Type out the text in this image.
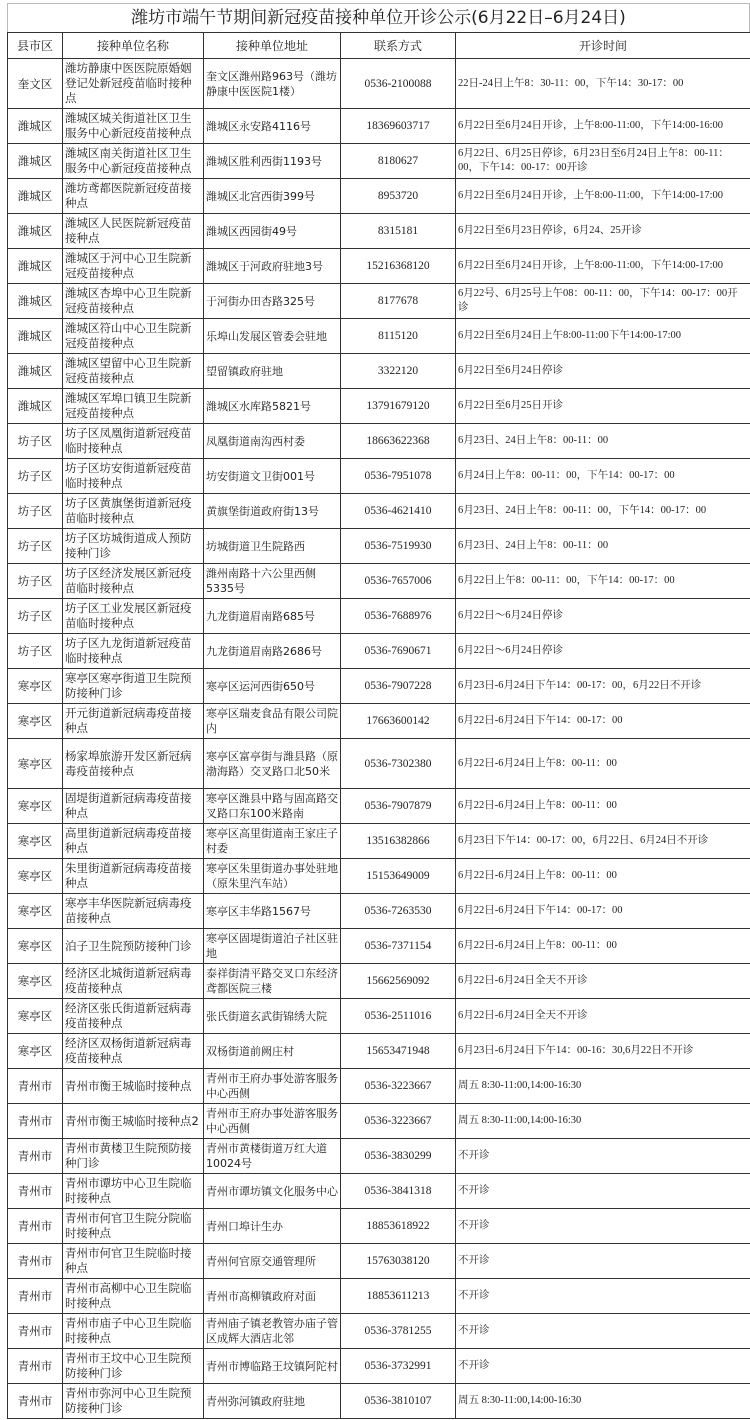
潍坊市端午节期间新冠疫苗接种单位开诊公示(6月22日–6月24日)
县市区	接种单位名称	接种单位地址	联系方式	开诊时间
奎文区	潍坊静康中医医院原婚姻登记处新冠疫苗临时接种点	奎文区潍州路963号（潍坊静康中医医院1楼）	0536-2100088	22日-24日上午8：30-11：00，下午14：30-17：00
潍城区	潍城区城关街道社区卫生服务中心新冠疫苗接种点	潍城区永安路4116号	18369603717	6月22日至6月24日开诊，上午8:00-11:00，下午14:00-16:00
潍城区	潍城区南关街道社区卫生服务中心新冠疫苗接种点	潍城区胜利西街1193号	8180627	6月22日、6月25日停诊，6月23日至6月24日上午8：00-11：00，下午14：00-17：00开诊
潍城区	潍坊鸢都医院新冠疫苗接种点	潍城区北宫西街399号	8953720	6月22日至6月24日开诊，上午8:00-11:00，下午14:00-17:00
潍城区	潍城区人民医院新冠疫苗接种点	潍城区西园街49号	8315181	6月22日至6月23日停诊，6月24、25开诊
潍城区	潍城区于河中心卫生院新冠疫苗接种点	潍城区于河政府驻地3号	15216368120	6月22日至6月24日开诊，上午8:00-11:00，下午14:00-17:00
潍城区	潍城区杏埠中心卫生院新冠疫苗接种点	于河街办田杏路325号	8177678	6月22号、6月25号上午08：00-11：00，下午14：00-17：00开诊
潍城区	潍城区符山中心卫生院新冠疫苗接种点	乐埠山发展区管委会驻地	8115120	6月22日至6月24日上午8:00-11:00下午14:00-17:00
潍城区	潍城区望留中心卫生院新冠疫苗接种点	望留镇政府驻地	3322120	6月22日至6月24日停诊
潍城区	潍城区军埠口镇卫生院新冠疫苗接种点	潍城区水库路5821号	13791679120	6月22日至6月25日开诊
坊子区	坊子区凤凰街道新冠疫苗临时接种点	凤凰街道南沟西村委	18663622368	6月23日、24日上午8：00-11：00
坊子区	坊子区坊安街道新冠疫苗临时接种点	坊安街道文卫街001号	0536-7951078	6月24日上午8：00-11：00，下午14：00-17：00
坊子区	坊子区黄旗堡街道新冠疫苗临时接种点	黄旗堡街道政府街13号	0536-4621410	6月23日、24日上午8：00-11：00，下午14：00-17：00
坊子区	坊子区坊城街道成人预防接种门诊	坊城街道卫生院路西	0536-7519930	6月23日、24日上午8：00-11：00
坊子区	坊子区经济发展区新冠疫苗临时接种点	潍州南路十六公里西侧5335号	0536-7657006	6月22日上午8：00-11：00，下午14：00-17：00
坊子区	坊子区工业发展区新冠疫苗临时接种点	九龙街道眉南路685号	0536-7688976	6月22日～6月24日停诊
坊子区	坊子区九龙街道新冠疫苗临时接种点	九龙街道眉南路2686号	0536-7690671	6月22日～6月24日停诊
寒亭区	寒亭区寒亭街道卫生院预防接种门诊	寒亭区运河西街650号	0536-7907228	6月23日-6月24日下午14：00-17：00，6月22日不开诊
寒亭区	开元街道新冠病毒疫苗接种点	寒亭区瑞麦食品有限公司院内	17663600142	6月22日-6月24日下午14：00-17：00
寒亭区	杨家埠旅游开发区新冠病毒疫苗接种点	寒亭区富亭街与潍县路（原渤海路）交叉路口北50米	0536-7302380	6月22日-6月24日上午8：00-11：00
寒亭区	固堤街道新冠病毒疫苗接种点	寒亭区潍县中路与固高路交叉路口东100米路南	0536-7907879	6月22日-6月24日上午8：00-11：00
寒亭区	高里街道新冠病毒疫苗接种点	寒亭区高里街道南王家庄子村委	13516382866	6月23日下午14：00-17：00，6月22日、6月24日不开诊
寒亭区	朱里街道新冠病毒疫苗接种点	寒亭区朱里街道办事处驻地（原朱里汽车站）	15153649009	6月22日-6月24日上午8：00-11：00
寒亭区	寒亭丰华医院新冠病毒疫苗接种点	寒亭区丰华路1567号	0536-7263530	6月22日-6月24日下午14：00-17：00
寒亭区	泊子卫生院预防接种门诊	寒亭区固堤街道泊子社区驻地	0536-7371154	6月22日-6月24日上午8：00-11：00
寒亭区	经济区北城街道新冠病毒疫苗接种点	泰祥街清平路交叉口东经济鸢都医院三楼	15662569092	6月22日-6月24日全天不开诊
寒亭区	经济区张氏街道新冠病毒疫苗接种点	张氏街道玄武街锦绣大院	0536-2511016	6月22日-6月24日全天不开诊
寒亭区	经济区双杨街道新冠病毒疫苗接种点	双杨街道前阙庄村	15653471948	6月23日-6月24日下午14：00-16：30,6月22日不开诊
青州市	青州市衡王城临时接种点	青州市王府办事处游客服务中心西侧	0536-3223667	周五 8:30-11:00,14:00-16:30
青州市	青州市衡王城临时接种点2	青州市王府办事处游客服务中心西侧	0536-3223667	周五 8:30-11:00,14:00-16:30
青州市	青州市黄楼卫生院预防接种门诊	青州市黄楼街道万红大道10024号	0536-3830299	不开诊
青州市	青州市谭坊中心卫生院临时接种点	青州市谭坊镇文化服务中心	0536-3841318	不开诊
青州市	青州市何官卫生院分院临时接种点	青州口埠计生办	18853618922	不开诊
青州市	青州市何官卫生院临时接种点	青州何官原交通管理所	15763038120	不开诊
青州市	青州市高柳中心卫生院临时接种点	青州市高柳镇政府对面	18853611213	不开诊
青州市	青州市庙子中心卫生院临时接种点	青州庙子镇老教管办庙子管区成辉大酒店北邻	0536-3781255	不开诊
青州市	青州市王坟中心卫生院预防接种门诊	青州市博临路王坟镇阿陀村	0536-3732991	不开诊
青州市	青州市弥河中心卫生院预防接种门诊	青州弥河镇政府驻地	0536-3810107	周五 8:30-11:00,14:00-16:30
